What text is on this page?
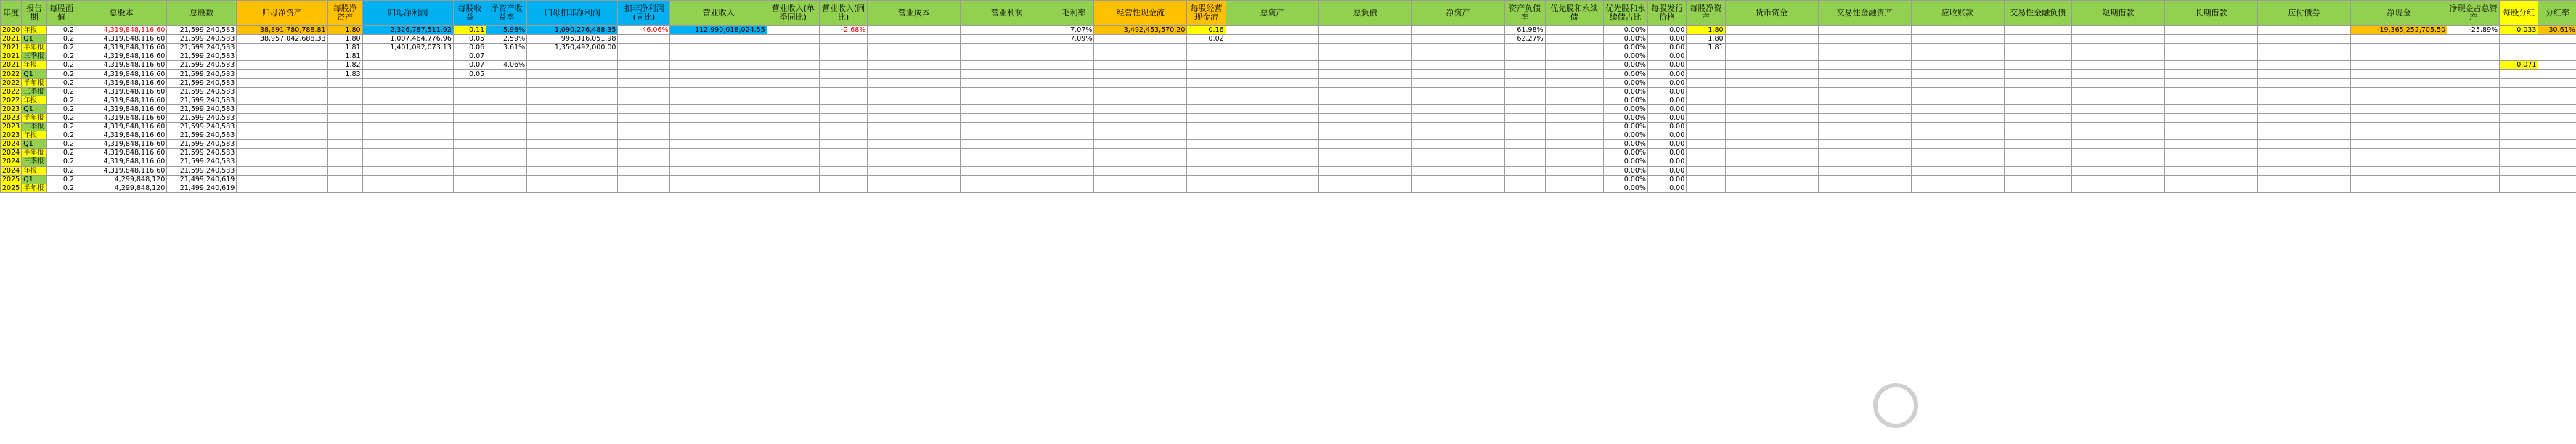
年度	报告期	每股面值	总股本	总股数	归母净资产	每股净资产	归母净利润	每股收益	净资产收益率	归母扣非净利润	扣非净利润(同比)	营业收入	营业收入(单季同比)	营业收入(同比)	营业成本	营业利润	毛利率	经营性现金流	每股经营现金流	总资产	总负债	净资产	资产负债率	优先股和永续债	优先股和永续债占比	每股发行价格	每股净资产	货币资金	交易性金融资产	应收账款	交易性金融负债	短期借款	长期借款	应付债券	净现金	净现金占总资产	每股分红	分红率
2020	年报	0.2	4,319,848,116.60	21,599,240,583	38,891,780,788.81	1.80	2,326,787,511.92	0.11	5.98%	1,090,276,488.35	-46.06%	112,990,018,024.55		-2.68%			7.07%	3,492,453,570.20	0.16				61.98%		0.00%	0.00	1.80								-19,365,252,705.50	-25.89%	0.033	30.61%
2021	Q1	0.2	4,319,848,116.60	21,599,240,583	38,957,042,688.33	1.80	1,007,464,776.96	0.05	2.59%	995,316,051.98							7.09%		0.02				62.27%		0.00%	0.00	1.80											
2021	半年报	0.2	4,319,848,116.60	21,599,240,583		1.81	1,401,092,073.13	0.06	3.61%	1,350,492,000.00															0.00%	0.00	1.81											
2021	三季报	0.2	4,319,848,116.60	21,599,240,583		1.81		0.07																	0.00%	0.00												
2021	年报	0.2	4,319,848,116.60	21,599,240,583		1.82		0.07	4.06%																0.00%	0.00											0.071	
2022	Q1	0.2	4,319,848,116.60	21,599,240,583		1.83		0.05																	0.00%	0.00												
2022	半年报	0.2	4,319,848,116.60	21,599,240,583																					0.00%	0.00												
2022	三季报	0.2	4,319,848,116.60	21,599,240,583																					0.00%	0.00												
2022	年报	0.2	4,319,848,116.60	21,599,240,583																					0.00%	0.00												
2023	Q1	0.2	4,319,848,116.60	21,599,240,583																					0.00%	0.00												
2023	半年报	0.2	4,319,848,116.60	21,599,240,583																					0.00%	0.00												
2023	三季报	0.2	4,319,848,116.60	21,599,240,583																					0.00%	0.00												
2023	年报	0.2	4,319,848,116.60	21,599,240,583																					0.00%	0.00												
2024	Q1	0.2	4,319,848,116.60	21,599,240,583																					0.00%	0.00												
2024	半年报	0.2	4,319,848,116.60	21,599,240,583																					0.00%	0.00												
2024	三季报	0.2	4,319,848,116.60	21,599,240,583																					0.00%	0.00												
2024	年报	0.2	4,319,848,116.60	21,599,240,583																					0.00%	0.00												
2025	Q1	0.2	4,299,848,120	21,499,240,619																					0.00%	0.00												
2025	半年报	0.2	4,299,848,120	21,499,240,619																					0.00%	0.00												
